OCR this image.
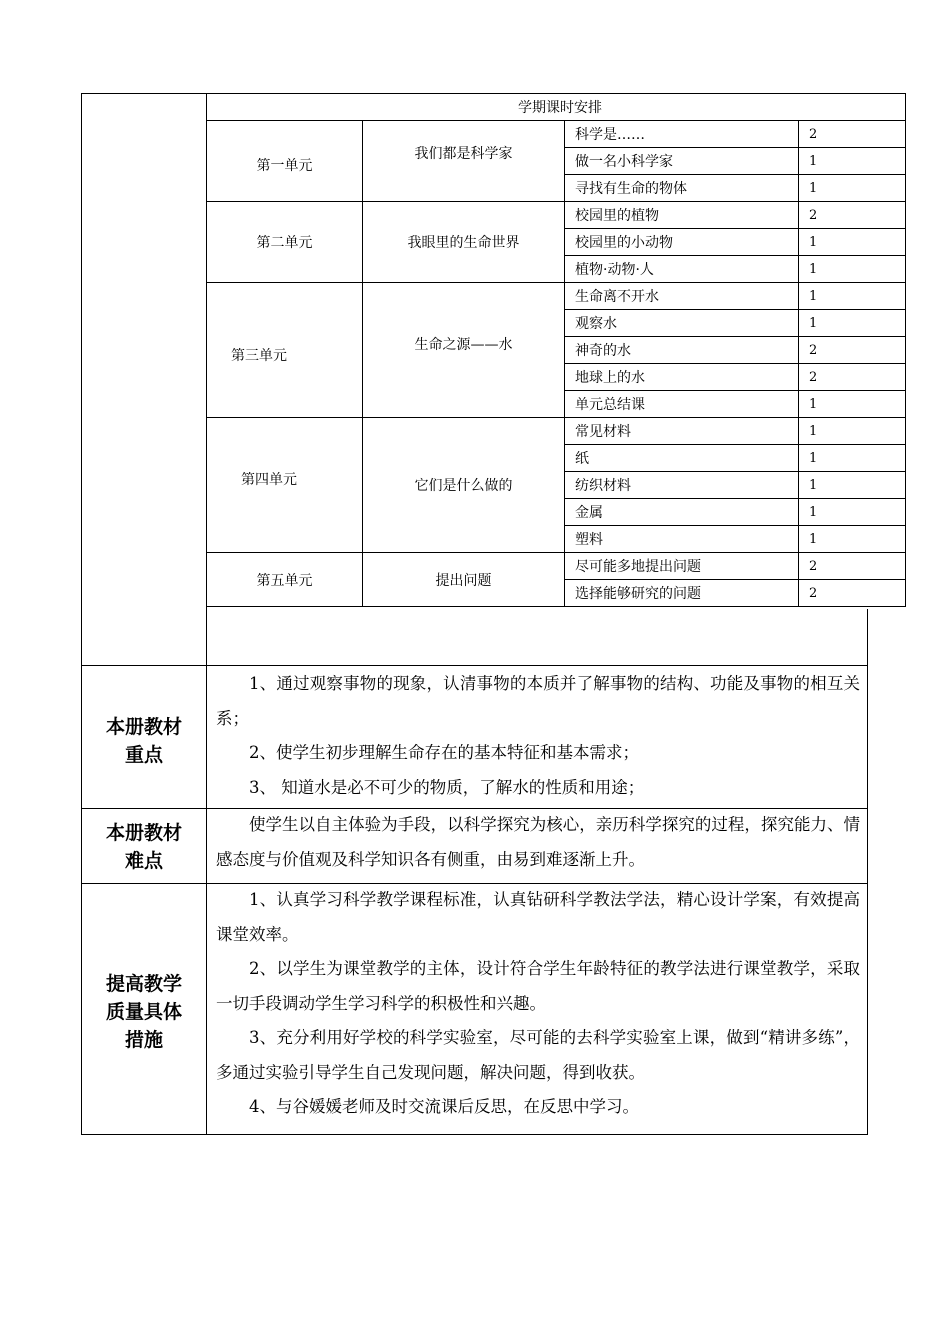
学期课时安排			
第一单元	我们都是科学家	科学是……	2
		做一名小科学家	1
		寻找有生命的物体	1
第二单元	我眼里的生命世界	校园里的植物	2
		校园里的小动物	1
		植物·动物·人	1
第三单元	生命之源——水	生命离不开水	1
		观察水	1
		神奇的水	2
		地球上的水	2
		单元总结课	1
第四单元	它们是什么做的	常见材料	1
		纸	1
		纺织材料	1
		金属	1
		塑料	1
第五单元	提出问题	尽可能多地提出问题	2
		选择能够研究的问题	2
本册教材
重点

1、通过观察事物的现象，认清事物的本质并了解事物的结构、功能及事物的相互关系；

2、使学生初步理解生命存在的基本特征和基本需求；

3、 知道水是必不可少的物质，了解水的性质和用途；

本册教材
难点

使学生以自主体验为手段，以科学探究为核心，亲历科学探究的过程，探究能力、情感态度与价值观及科学知识各有侧重，由易到难逐渐上升。

提高教学
质量具体
措施

1、认真学习科学教学课程标准，认真钻研科学教法学法，精心设计学案，有效提高课堂效率。

2、以学生为课堂教学的主体，设计符合学生年龄特征的教学法进行课堂教学，采取一切手段调动学生学习科学的积极性和兴趣。

3、充分利用好学校的科学实验室，尽可能的去科学实验室上课，做到“精讲多练”，多通过实验引导学生自己发现问题，解决问题，得到收获。

4、与谷媛媛老师及时交流课后反思，在反思中学习。
